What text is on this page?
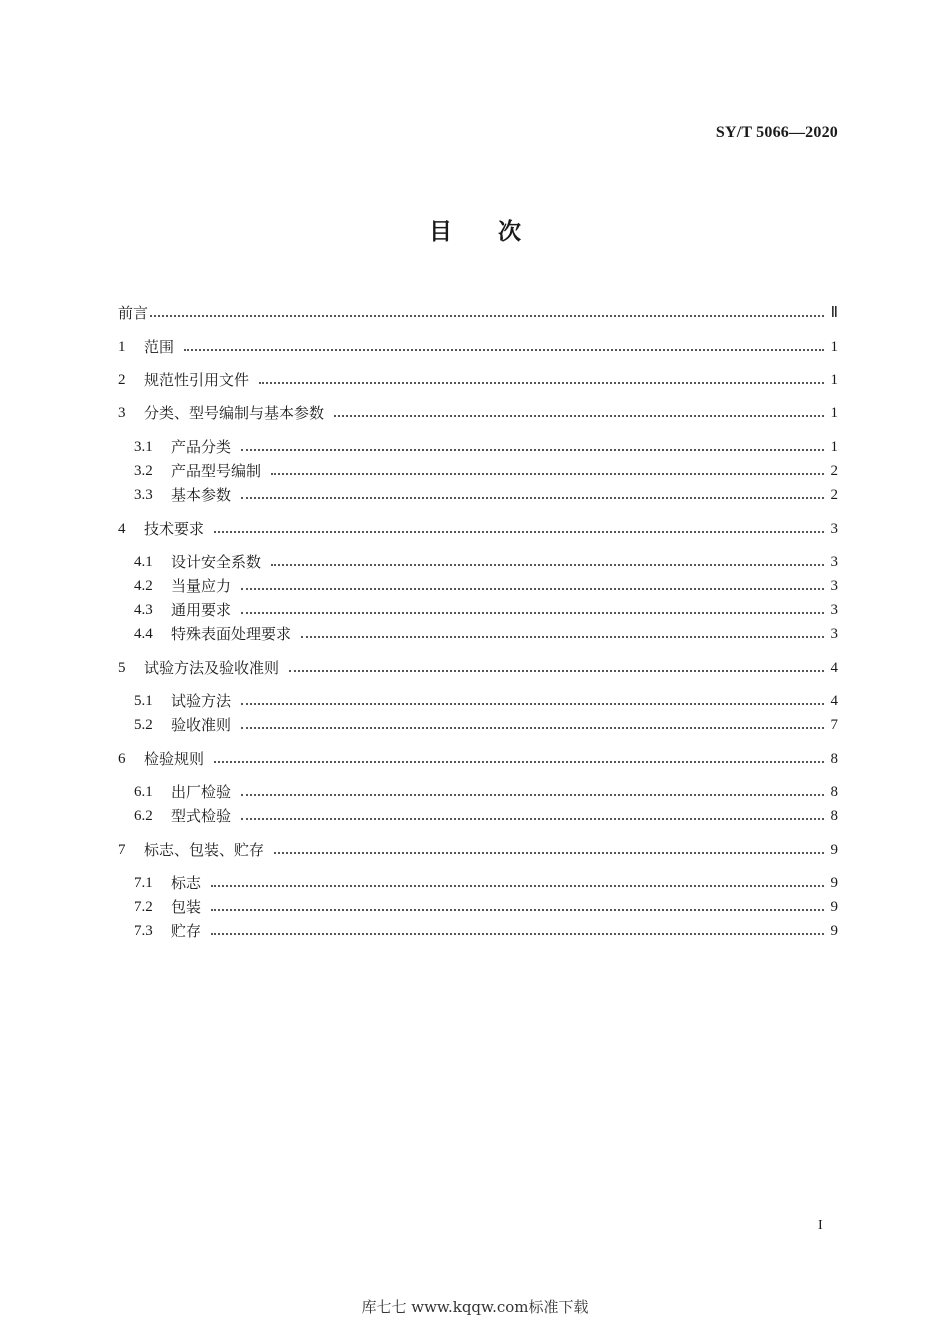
SY/T 5066—2020
目次
前言	Ⅱ
1	范围	1
2	规范性引用文件	1
3	分类、型号编制与基本参数	1
3.1	产品分类	1
3.2	产品型号编制	2
3.3	基本参数	2
4	技术要求	3
4.1	设计安全系数	3
4.2	当量应力	3
4.3	通用要求	3
4.4	特殊表面处理要求	3
5	试验方法及验收准则	4
5.1	试验方法	4
5.2	验收准则	7
6	检验规则	8
6.1	出厂检验	8
6.2	型式检验	8
7	标志、包装、贮存	9
7.1	标志	9
7.2	包装	9
7.3	贮存	9
I
库七七 www.kqqw.com标准下载
